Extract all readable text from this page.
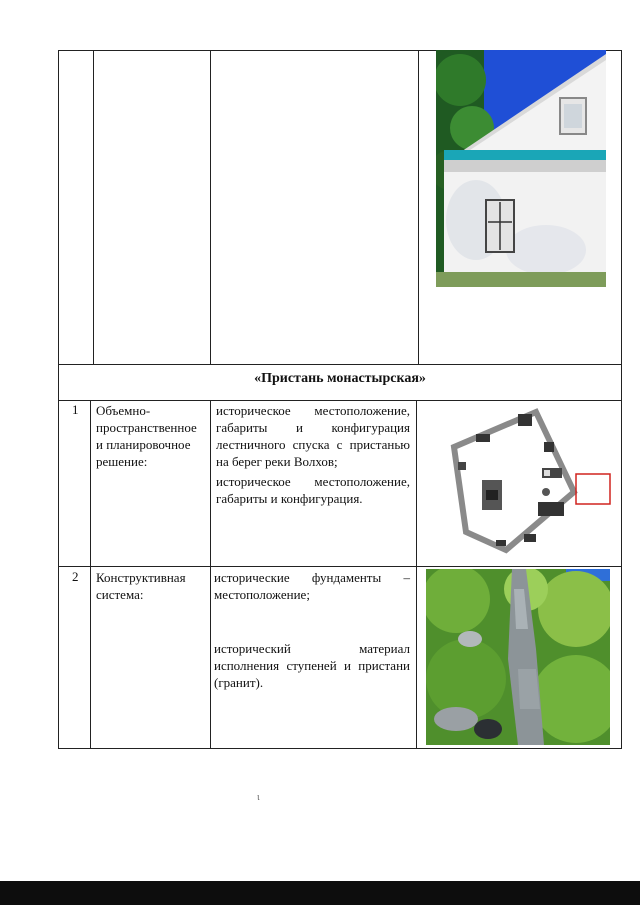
«Пристань монастырская»
1 Объемно-
пространственное
и планировочное
решение:
историческое местоположение, габариты и конфигурация лестничного спуска с пристанью на берег реки Волхов;
историческое местоположение, габариты и конфигурация.
2 Конструктивная
система:
исторические фундаменты – местоположение;
исторический материал исполнения ступеней и пристани (гранит).
ι
